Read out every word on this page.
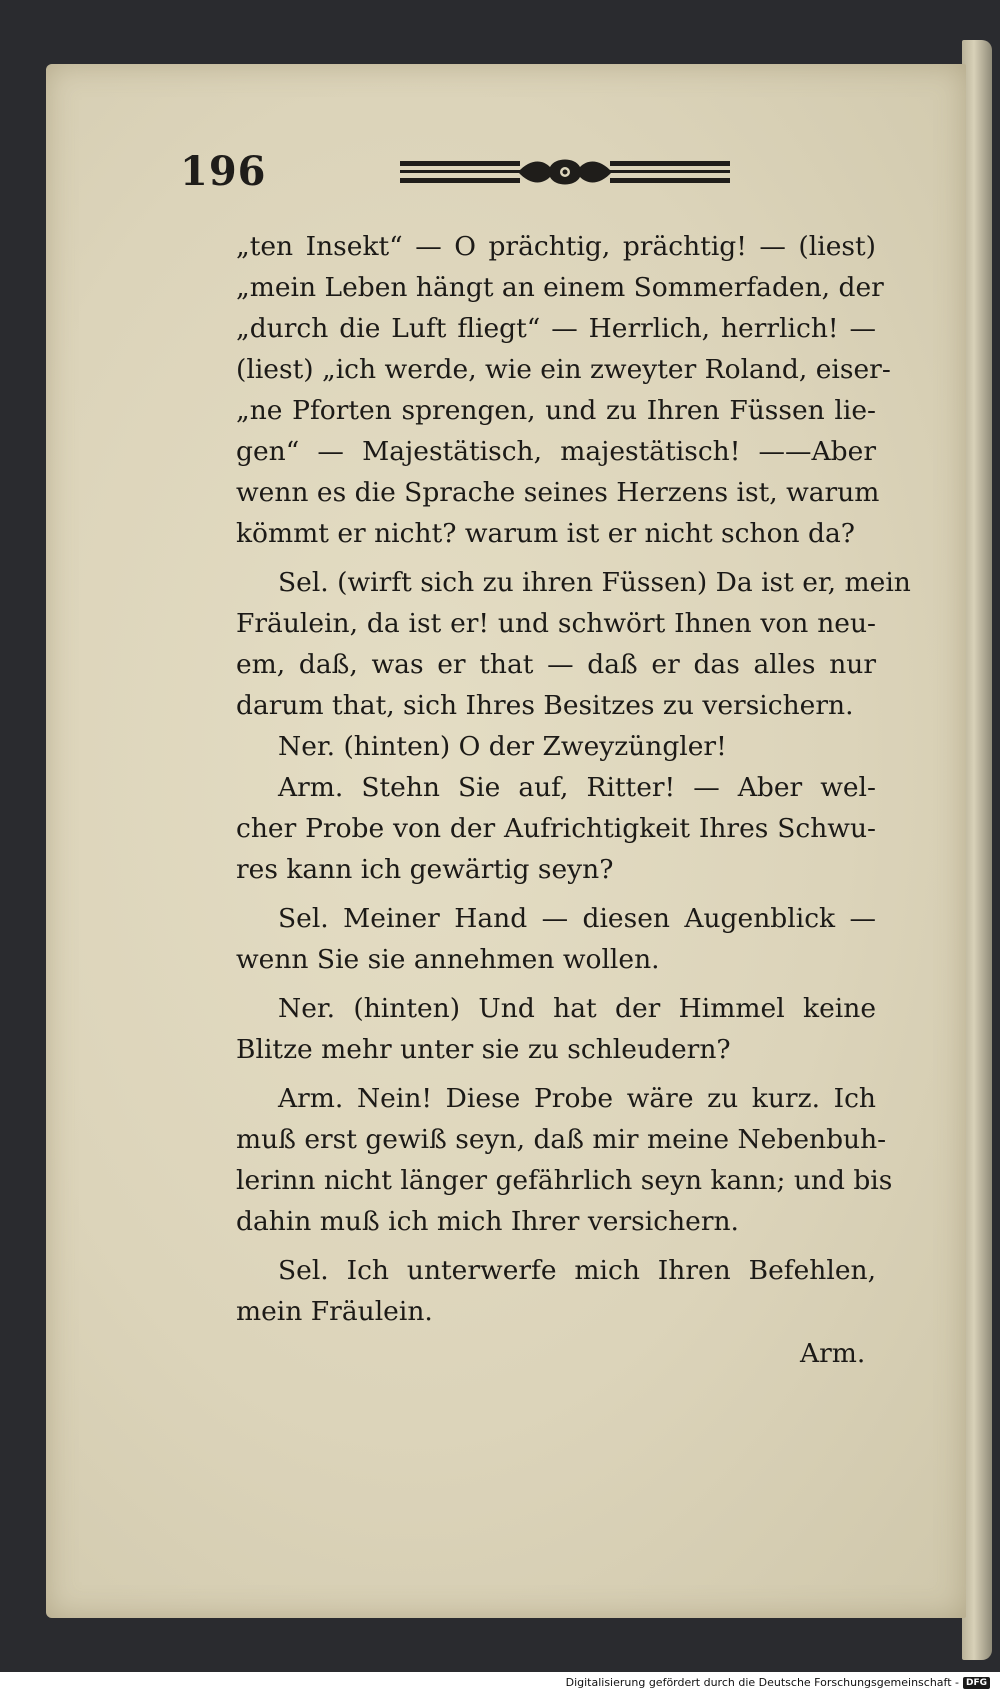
196
„ten Insekt“ — O prächtig, prächtig! — (liest)
„mein Leben hängt an einem Sommerfaden, der
„durch die Luft fliegt“ — Herrlich, herrlich! —
(liest) „ich werde, wie ein zweyter Roland, eiser-
„ne Pforten sprengen, und zu Ihren Füssen lie-
gen“ — Majestätisch, majestätisch! ——Aber
wenn es die Sprache seines Herzens ist, warum
kömmt er nicht? warum ist er nicht schon da?
Sel. (wirft sich zu ihren Füssen) Da ist er, mein
Fräulein, da ist er! und schwört Ihnen von neu-
em, daß, was er that — daß er das alles nur
darum that, sich Ihres Besitzes zu versichern.
Ner. (hinten) O der Zweyzüngler!
Arm. Stehn Sie auf, Ritter! — Aber wel-
cher Probe von der Aufrichtigkeit Ihres Schwu-
res kann ich gewärtig seyn?
Sel. Meiner Hand — diesen Augenblick —
wenn Sie sie annehmen wollen.
Ner. (hinten) Und hat der Himmel keine
Blitze mehr unter sie zu schleudern?
Arm. Nein! Diese Probe wäre zu kurz. Ich
muß erst gewiß seyn, daß mir meine Nebenbuh-
lerinn nicht länger gefährlich seyn kann; und bis
dahin muß ich mich Ihrer versichern.
Sel. Ich unterwerfe mich Ihren Befehlen,
mein Fräulein.
Arm.
Digitalisierung gefördert durch die Deutsche Forschungsgemeinschaft - DFG
